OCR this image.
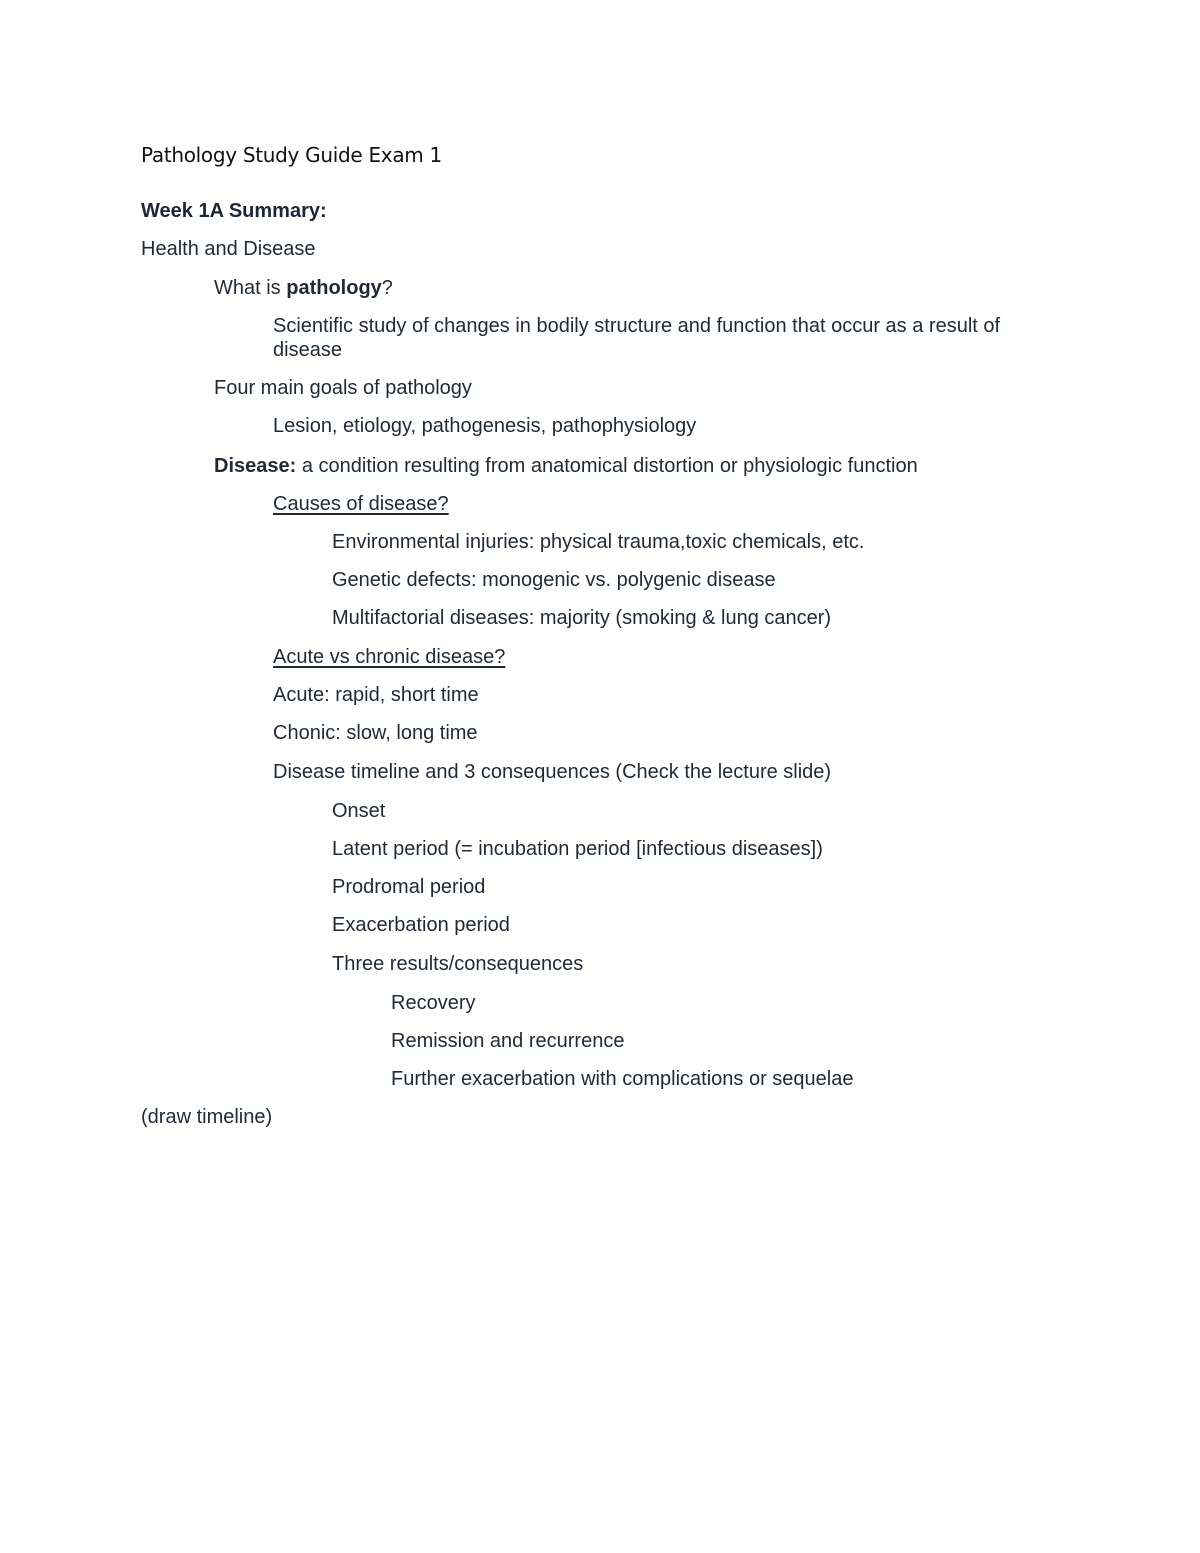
Pathology Study Guide Exam 1
Week 1A Summary:
Health and Disease
What is pathology?
Scientific study of changes in bodily structure and function that occur as a result of disease
Four main goals of pathology
Lesion, etiology, pathogenesis, pathophysiology
Disease: a condition resulting from anatomical distortion or physiologic function
Causes of disease?
Environmental injuries: physical trauma,toxic chemicals, etc.
Genetic defects: monogenic vs. polygenic disease
Multifactorial diseases: majority (smoking & lung cancer)
Acute vs chronic disease?
Acute: rapid, short time
Chonic: slow, long time
Disease timeline and 3 consequences (Check the lecture slide)
Onset
Latent period (= incubation period [infectious diseases])
Prodromal period
Exacerbation period
Three results/consequences
Recovery
Remission and recurrence
Further exacerbation with complications or sequelae
(draw timeline)
